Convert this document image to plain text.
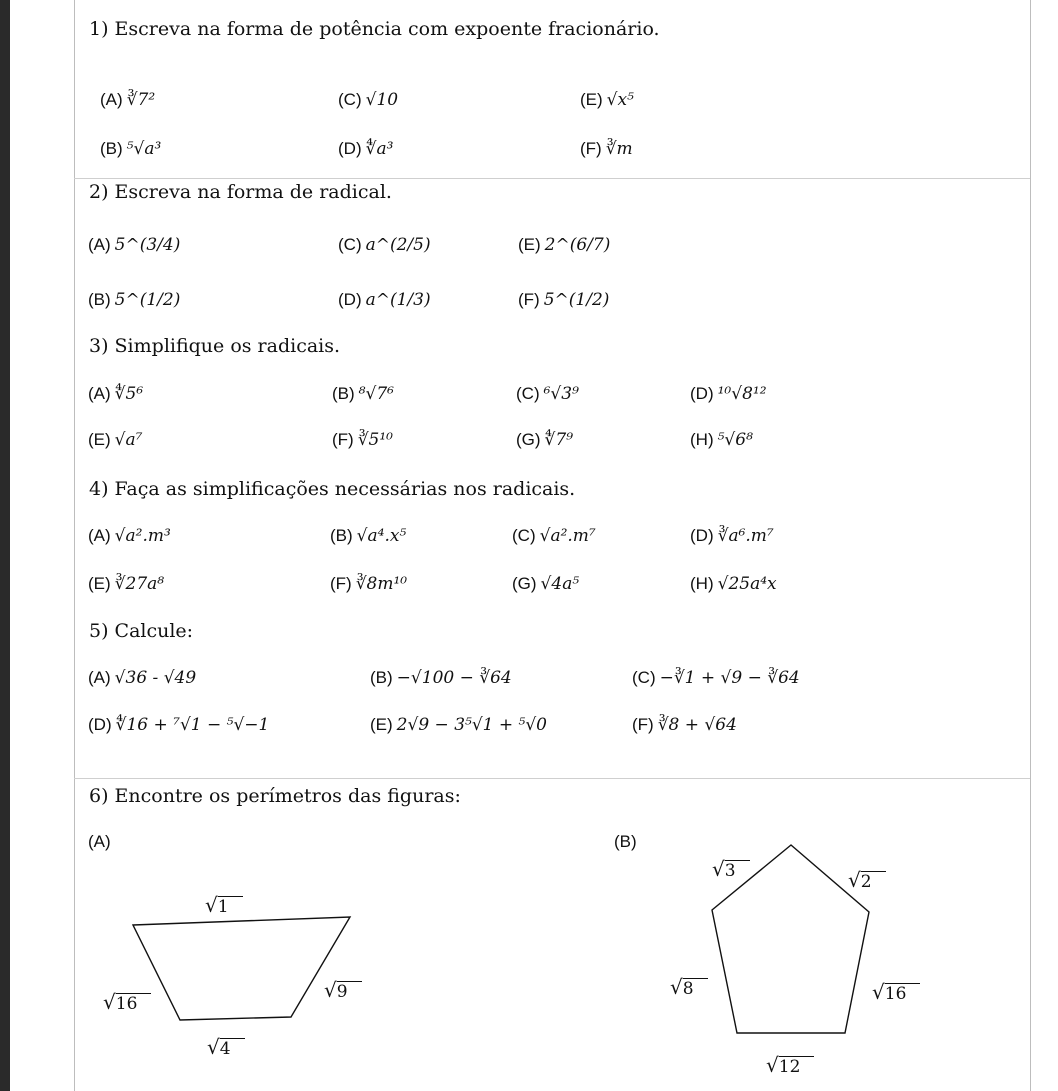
1) Escreva na forma de potência com expoente fracionário.
(A) ∛7²	(C) √10	(E) √x⁵
(B) ⁵√a³	(D) ∜a³	(F) ∛m
2) Escreva na forma de radical.
(A) 5^(3/4)	(C) a^(2/5)	(E) 2^(6/7)
(B) 5^(1/2)	(D) a^(1/3)	(F) 5^(1/2)
3) Simplifique os radicais.
(A) ∜5⁶	(B) ⁸√7⁶	(C) ⁶√3⁹	(D) ¹⁰√8¹²
(E) √a⁷	(F) ∛5¹⁰	(G) ∜7⁹	(H) ⁵√6⁸
4) Faça as simplificações necessárias nos radicais.
(A) √a².m³	(B) √a⁴.x⁵	(C) √a².m⁷	(D) ∛a⁶.m⁷
(E) ∛27a⁸	(F) ∛8m¹⁰	(G) √4a⁵	(H) √25a⁴x
5) Calcule:
(A) √36 - √49	(B) −√100 − ∛64	(C) −∛1 + √9 − ∛64
(D) ∜16 + ⁷√1 − ⁵√−1	(E) 2√9 − 3⁵√1 + ⁵√0	(F) ∛8 + √64
6) Encontre os perímetros das figuras:
(A)	(B)
√1
√16
√9
√4
√3	√2
√8	√16
√12
